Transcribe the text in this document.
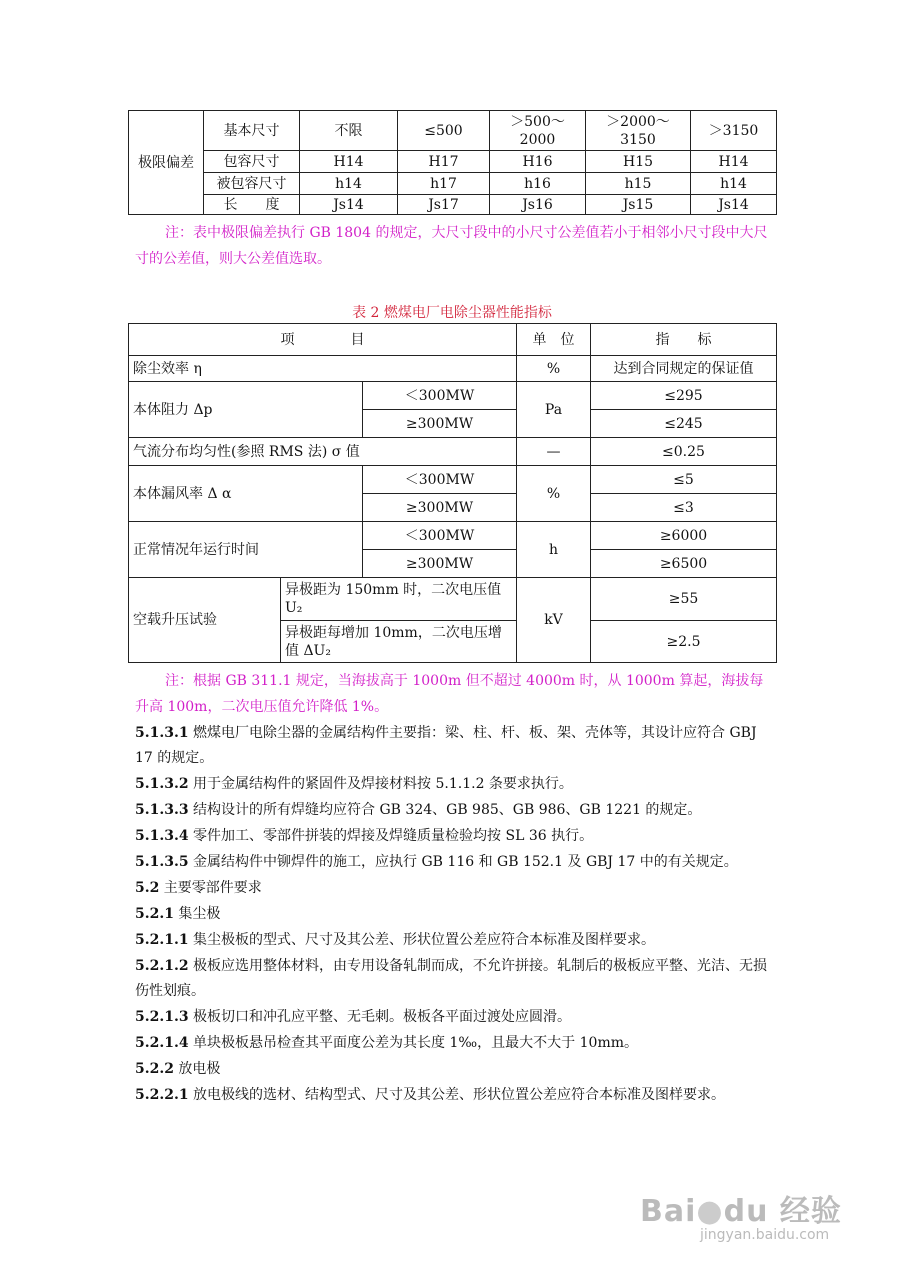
极限偏差	基本尺寸	不限	≤500	＞500～2000	＞2000～3150	＞3150
	包容尺寸	H14	H17	H16	H15	H14
	被包容尺寸	h14	h17	h16	h15	h14
	长　　度	Js14	Js17	Js16	Js15	Js14
注：表中极限偏差执行 GB 1804 的规定，大尺寸段中的小尺寸公差值若小于相邻小尺寸段中大尺寸的公差值，则大公差值选取。
表 2 燃煤电厂电除尘器性能指标
项　　　　目			单　位	指　　标
除尘效率 η			%	达到合同规定的保证值
本体阻力 Δp		＜300MW	Pa	≤295
		≥300MW		≤245
气流分布均匀性(参照 RMS 法) σ 值			—	≤0.25
本体漏风率 Δ α		＜300MW	%	≤5
		≥300MW		≤3
正常情况年运行时间		＜300MW	h	≥6000
		≥300MW		≥6500
空载升压试验	异极距为 150mm 时，二次电压值 U₂		kV	≥55
	异极距每增加 10mm，二次电压增值 ΔU₂			≥2.5
注：根据 GB 311.1 规定，当海拔高于 1000m 但不超过 4000m 时，从 1000m 算起，海拔每升高 100m，二次电压值允许降低 1%。
5.1.3.1 燃煤电厂电除尘器的金属结构件主要指：梁、柱、杆、板、架、壳体等，其设计应符合 GBJ 17 的规定。
5.1.3.2 用于金属结构件的紧固件及焊接材料按 5.1.1.2 条要求执行。
5.1.3.3 结构设计的所有焊缝均应符合 GB 324、GB 985、GB 986、GB 1221 的规定。
5.1.3.4 零件加工、零部件拼装的焊接及焊缝质量检验均按 SL 36 执行。
5.1.3.5 金属结构件中铆焊件的施工，应执行 GB 116 和 GB 152.1 及 GBJ 17 中的有关规定。
5.2 主要零部件要求
5.2.1 集尘极
5.2.1.1 集尘极板的型式、尺寸及其公差、形状位置公差应符合本标准及图样要求。
5.2.1.2 极板应选用整体材料，由专用设备轧制而成，不允许拼接。轧制后的极板应平整、光洁、无损伤性划痕。
5.2.1.3 极板切口和冲孔应平整、无毛刺。极板各平面过渡处应圆滑。
5.2.1.4 单块极板悬吊检查其平面度公差为其长度 1‰，且最大不大于 10mm。
5.2.2 放电极
5.2.2.1 放电极线的选材、结构型式、尺寸及其公差、形状位置公差应符合本标准及图样要求。
Bai●du 经验
jingyan.baidu.com
